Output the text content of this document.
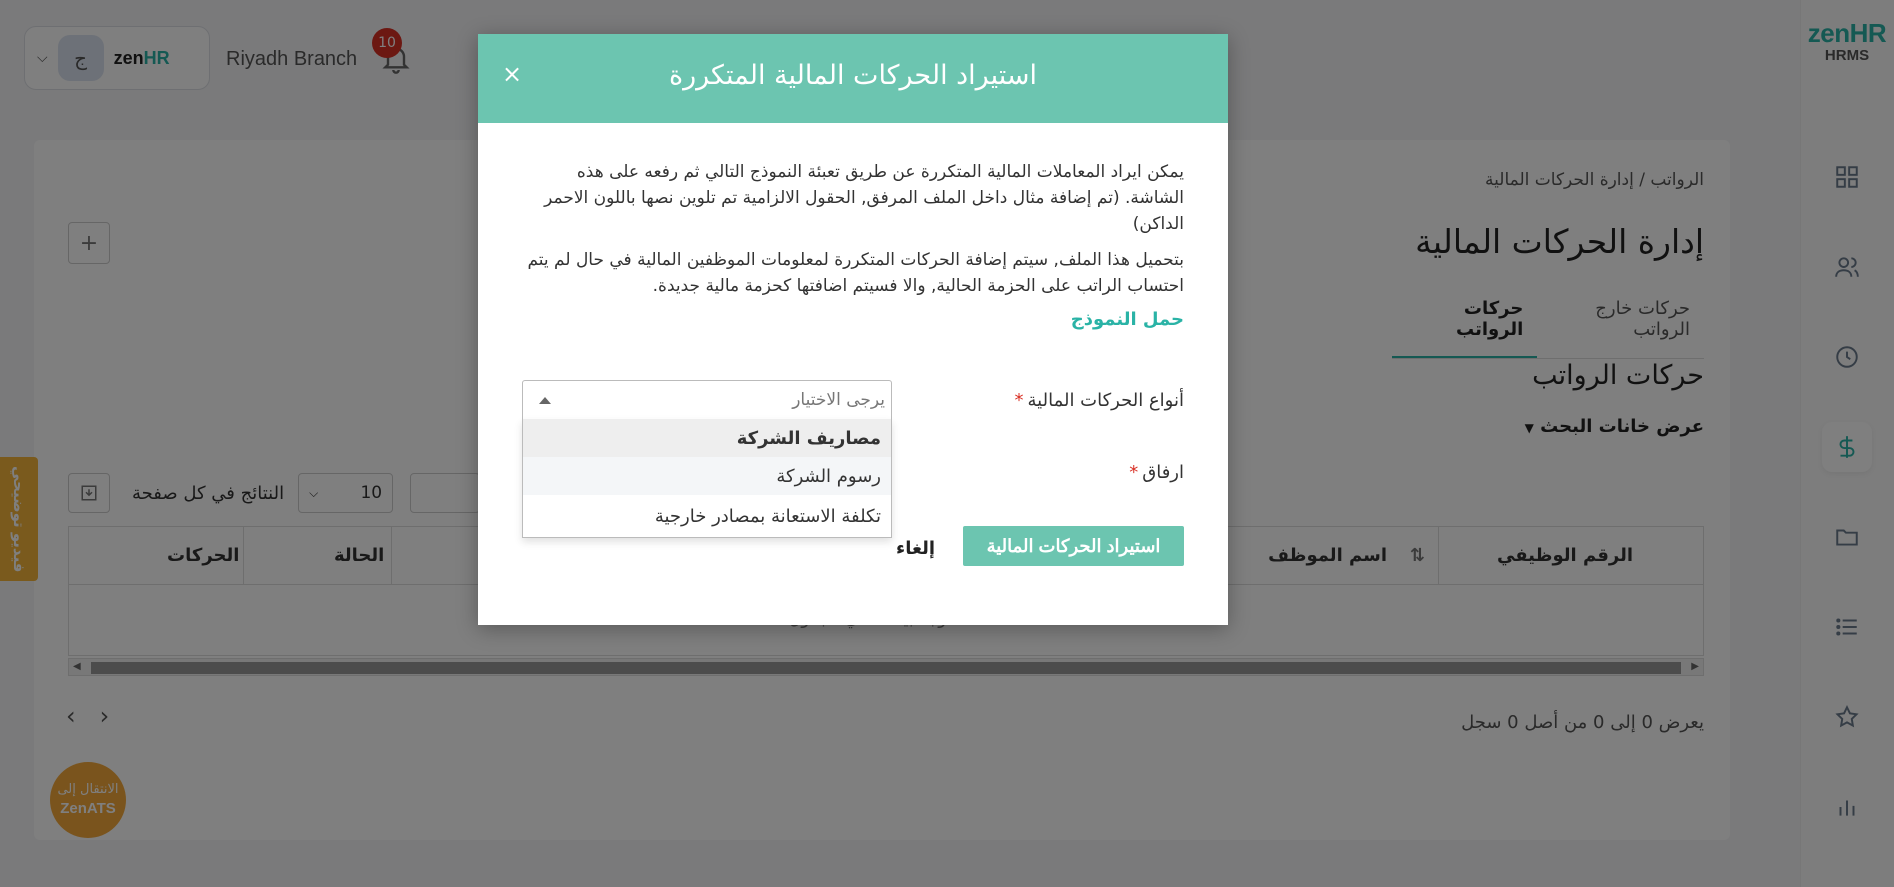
استيراد الحركات المالية المتكررة
×

يمكن ايراد المعاملات المالية المتكررة عن طريق تعبئة النموذج التالي ثم رفعه على هذه الشاشة. (تم إضافة مثال داخل الملف المرفق, الحقول الالزامية تم تلوين نصها باللون الاحمر الداكن)

بتحميل هذا الملف, سيتم إضافة الحركات المتكررة لمعلومات الموظفين المالية في حال لم يتم احتساب الراتب على الحزمة الحالية, والا فسيتم اضافتها كحزمة مالية جديدة.

حمل النموذج
أنواع الحركات المالية*
يرجى الاختيار
مصاريف الشركة
رسوم الشركة
تكلفة الاستعانة بمصادر خارجية
ارفاق*
استيراد الحركات المالية
إلغاء
